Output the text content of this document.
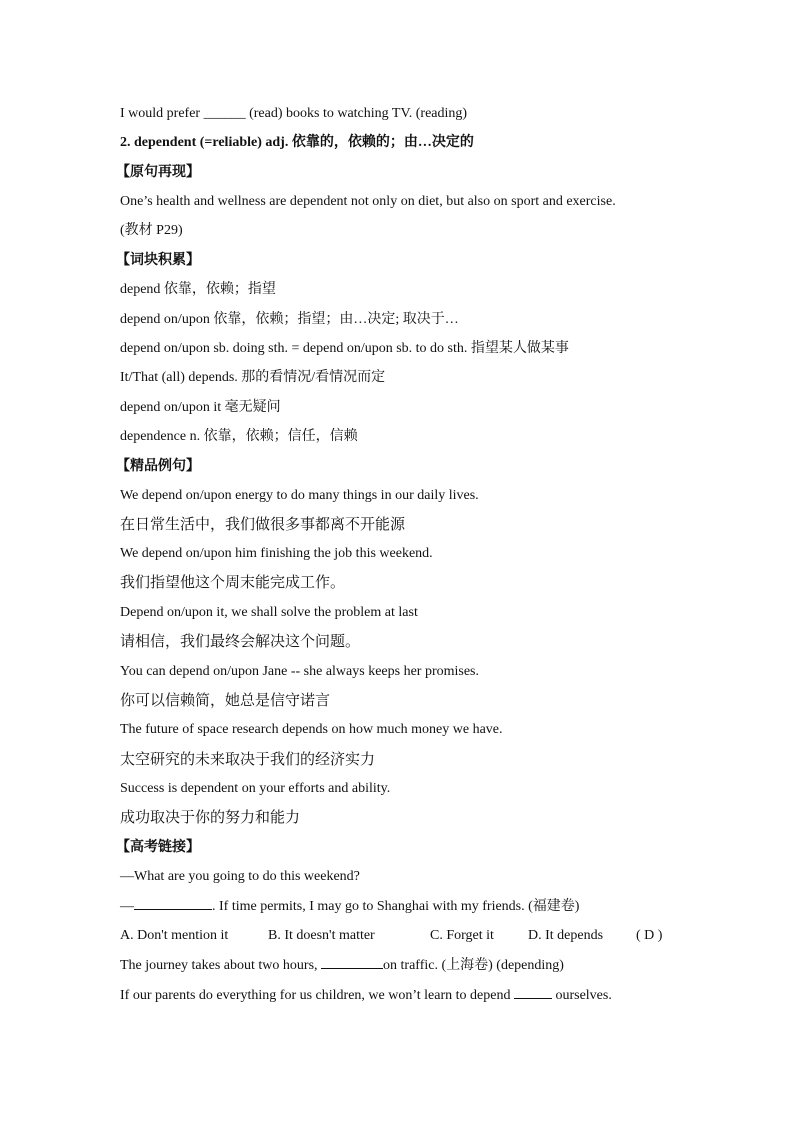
I would prefer ______ (read) books to watching TV. (reading)
2. dependent (=reliable) adj. 依靠的，依赖的；由…决定的
【原句再现】
One’s health and wellness are dependent not only on diet, but also on sport and exercise.
(教材 P29)
【词块积累】
depend 依靠，依赖；指望
depend on/upon 依靠，依赖；指望；由…决定; 取决于…
depend on/upon sb. doing sth. = depend on/upon sb. to do sth. 指望某人做某事
It/That (all) depends. 那的看情况/看情况而定
depend on/upon it 毫无疑问
dependence n. 依靠，依赖；信任，信赖
【精品例句】
We depend on/upon energy to do many things in our daily lives.
在日常生活中，我们做很多事都离不开能源
We depend on/upon him finishing the job this weekend.
我们指望他这个周末能完成工作。
Depend on/upon it, we shall solve the problem at last
请相信，我们最终会解决这个问题。
You can depend on/upon Jane -- she always keeps her promises.
你可以信赖简，她总是信守诺言
The future of space research depends on how much money we have.
太空研究的未来取决于我们的经济实力
Success is dependent on your efforts and ability.
成功取决于你的努力和能力
【高考链接】
—What are you going to do this weekend?
—	. If time permits, I may go to Shanghai with my friends. (福建卷)
A. Don't mention it	B. It doesn't matter	C. Forget it D. It depends ( D )
The journey takes about two hours,	on traffic. (上海卷) (depending)
If our parents do everything for us children, we won’t learn to depend	ourselves.
